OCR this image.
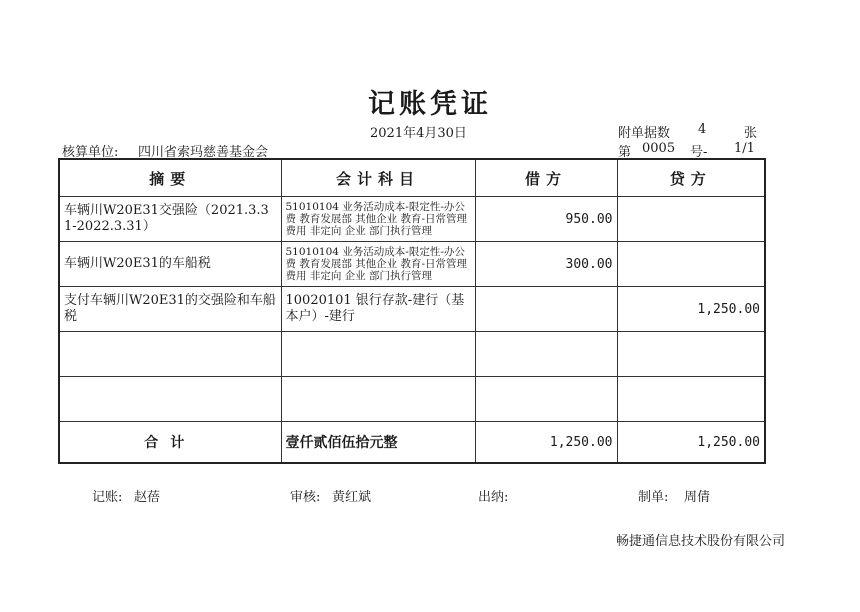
记账凭证
2021年4月30日	附单据数 4	张
核算单位: 四川省索玛慈善基金会	第 0005 号- 1/1
摘要	会计科目	借方	贷方
车辆川W20E31交强险（2021.3.31-2022.3.31）	51010104 业务活动成本-限定性-办公费 教育发展部 其他企业 教育-日常管理费用 非定向 企业 部门执行管理	950.00	
车辆川W20E31的车船税	51010104 业务活动成本-限定性-办公费 教育发展部 其他企业 教育-日常管理费用 非定向 企业 部门执行管理	300.00	
支付车辆川W20E31的交强险和车船税	10020101 银行存款-建行（基本户）-建行		1,250.00

合计	壹仟贰佰伍拾元整	1,250.00	1,250.00
记账: 赵蓓	审核: 黄红斌	出纳:	制单: 周倩
畅捷通信息技术股份有限公司
